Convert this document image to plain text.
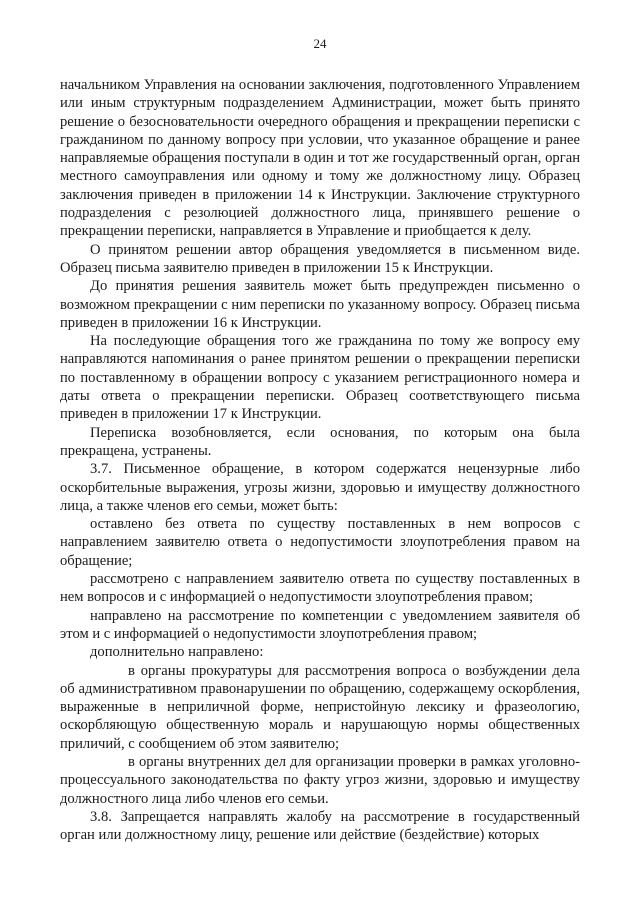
24

начальником Управления на основании заключения, подготовленного Управлением или иным структурным подразделением Администрации, может быть принято решение о безосновательности очередного обращения и прекращении переписки с гражданином по данному вопросу при условии, что указанное обращение и ранее направляемые обращения поступали в один и тот же государственный орган, орган местного самоуправления или одному и тому же должностному лицу. Образец заключения приведен в приложении 14 к Инструкции. Заключение структурного подразделения с резолюцией должностного лица, принявшего решение о прекращении переписки, направляется в Управление и приобщается к делу.

О принятом решении автор обращения уведомляется в письменном виде. Образец письма заявителю приведен в приложении 15 к Инструкции.

До принятия решения заявитель может быть предупрежден письменно о возможном прекращении с ним переписки по указанному вопросу. Образец письма приведен в приложении 16 к Инструкции.

На последующие обращения того же гражданина по тому же вопросу ему направляются напоминания о ранее принятом решении о прекращении переписки по поставленному в обращении вопросу с указанием регистрационного номера и даты ответа о прекращении переписки. Образец соответствующего письма приведен в приложении 17 к Инструкции.

Переписка возобновляется, если основания, по которым она была прекращена, устранены.

3.7. Письменное обращение, в котором содержатся нецензурные либо оскорбительные выражения, угрозы жизни, здоровью и имуществу должностного лица, а также членов его семьи, может быть:

оставлено без ответа по существу поставленных в нем вопросов с направлением заявителю ответа о недопустимости злоупотребления правом на обращение;

рассмотрено с направлением заявителю ответа по существу поставленных в нем вопросов и с информацией о недопустимости злоупотребления правом;

направлено на рассмотрение по компетенции с уведомлением заявителя об этом и с информацией о недопустимости злоупотребления правом;

дополнительно направлено:

в органы прокуратуры для рассмотрения вопроса о возбуждении дела об административном правонарушении по обращению, содержащему оскорбления, выраженные в неприличной форме, непристойную лексику и фразеологию, оскорбляющую общественную мораль и нарушающую нормы общественных приличий, с сообщением об этом заявителю;

в органы внутренних дел для организации проверки в рамках уголовно-процессуального законодательства по факту угроз жизни, здоровью и имуществу должностного лица либо членов его семьи.

3.8. Запрещается направлять жалобу на рассмотрение в государственный орган или должностному лицу, решение или действие (бездействие) которых
